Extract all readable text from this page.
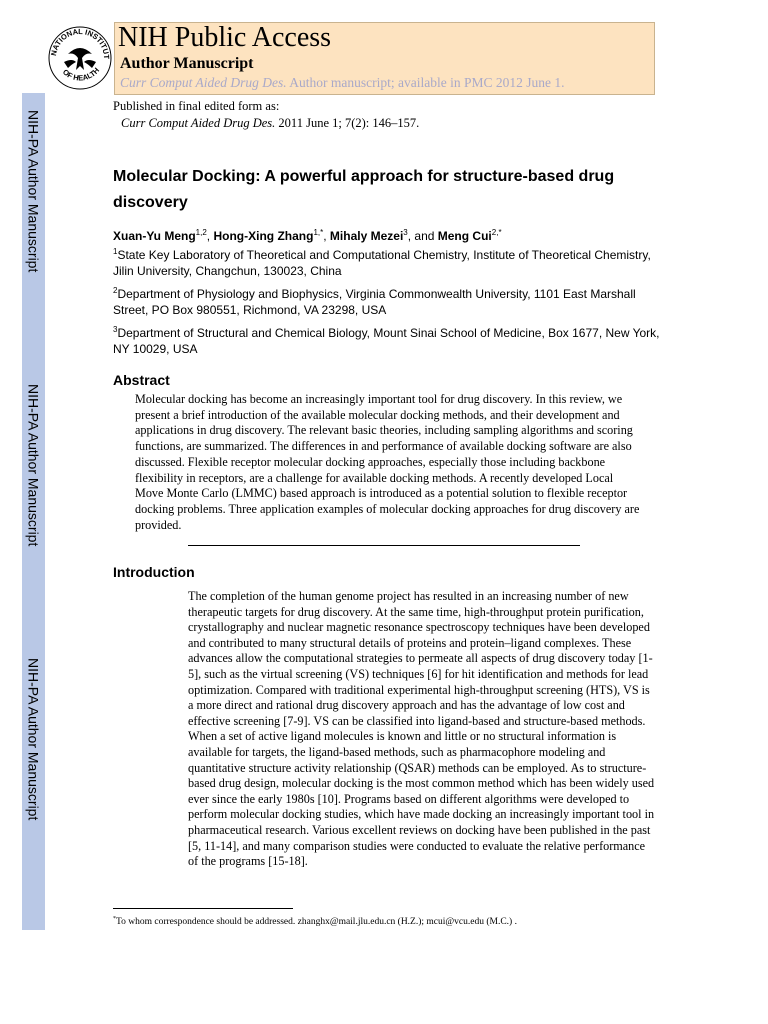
NIH-PA Author Manuscript
NIH-PA Author Manuscript
NIH-PA Author Manuscript
NATIONAL INSTITUT
OF HEALTH
NIH Public Access
Author Manuscript
Curr Comput Aided Drug Des. Author manuscript; available in PMC 2012 June 1.
Published in final edited form as:
Curr Comput Aided Drug Des. 2011 June 1; 7(2): 146–157.
Molecular Docking: A powerful approach for structure-based drug discovery
Xuan-Yu Meng$^{1,2}$, Hong-Xing Zhang$^{1,*}$, Mihaly Mezei$^3$, and Meng Cui$^{2,*}$
$^1$State Key Laboratory of Theoretical and Computational Chemistry, Institute of Theoretical Chemistry, Jilin University, Changchun, 130023, China
$^2$Department of Physiology and Biophysics, Virginia Commonwealth University, 1101 East Marshall Street, PO Box 980551, Richmond, VA 23298, USA
$^3$Department of Structural and Chemical Biology, Mount Sinai School of Medicine, Box 1677, New York, NY 10029, USA
Abstract
Molecular docking has become an increasingly important tool for drug discovery. In this review, we present a brief introduction of the available molecular docking methods, and their development and applications in drug discovery. The relevant basic theories, including sampling algorithms and scoring functions, are summarized. The differences in and performance of available docking software are also discussed. Flexible receptor molecular docking approaches, especially those including backbone flexibility in receptors, are a challenge for available docking methods. A recently developed Local Move Monte Carlo (LMMC) based approach is introduced as a potential solution to flexible receptor docking problems. Three application examples of molecular docking approaches for drug discovery are provided.
Introduction
The completion of the human genome project has resulted in an increasing number of new therapeutic targets for drug discovery. At the same time, high-throughput protein purification, crystallography and nuclear magnetic resonance spectroscopy techniques have been developed and contributed to many structural details of proteins and protein–ligand complexes. These advances allow the computational strategies to permeate all aspects of drug discovery today [1-5], such as the virtual screening (VS) techniques [6] for hit identification and methods for lead optimization. Compared with traditional experimental high-throughput screening (HTS), VS is a more direct and rational drug discovery approach and has the advantage of low cost and effective screening [7-9]. VS can be classified into ligand-based and structure-based methods. When a set of active ligand molecules is known and little or no structural information is available for targets, the ligand-based methods, such as pharmacophore modeling and quantitative structure activity relationship (QSAR) methods can be employed. As to structure-based drug design, molecular docking is the most common method which has been widely used ever since the early 1980s [10]. Programs based on different algorithms were developed to perform molecular docking studies, which have made docking an increasingly important tool in pharmaceutical research. Various excellent reviews on docking have been published in the past [5, 11-14], and many comparison studies were conducted to evaluate the relative performance of the programs [15-18].
*To whom correspondence should be addressed. zhanghx@mail.jlu.edu.cn (H.Z.); mcui@vcu.edu (M.C.) .
